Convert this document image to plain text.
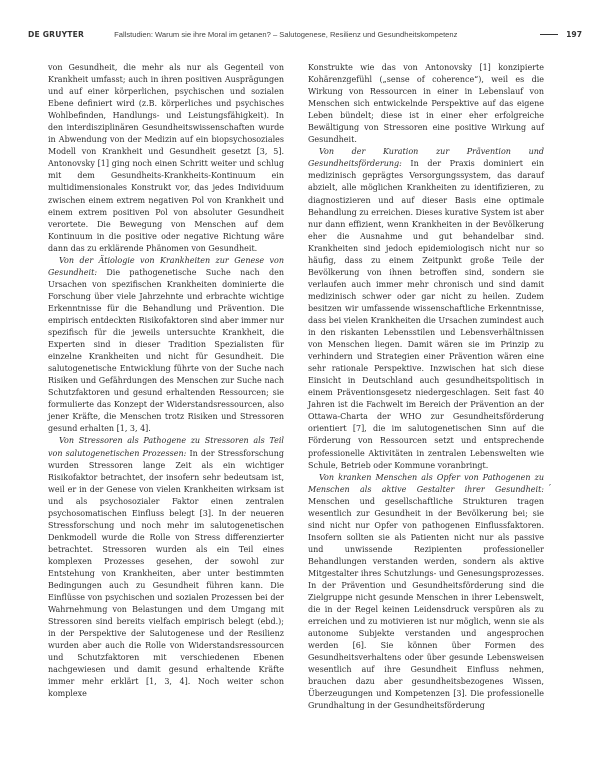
DE GRUYTER	Fallstudien: Warum sie ihre Moral im getanen? – Salutogenese, Resilienz und Gesundheitskompetenz	197

von Gesundheit, die mehr als nur als Gegenteil von Krankheit umfasst; auch in ihren positiven Ausprägungen und auf einer körperlichen, psychischen und sozialen Ebene definiert wird (z.B. körperliches und psychisches Wohlbefinden, Handlungs- und Leistungsfähigkeit). In den interdisziplinären Gesundheitswissenschaften wurde in Abwendung von der Medizin auf ein biopsychosoziales Modell von Krankheit und Gesundheit gesetzt [3, 5]. Antonovsky [1] ging noch einen Schritt weiter und schlug mit dem Gesundheits-Krankheits-Kontinuum ein multidimensionales Konstrukt vor, das jedes Individuum zwischen einem extrem negativen Pol von Krankheit und einem extrem positiven Pol von absoluter Gesundheit verortete. Die Bewegung von Menschen auf dem Kontinuum in die positive oder negative Richtung wäre dann das zu erklärende Phänomen von Gesundheit.

Von der Ätiologie von Krankheiten zur Genese von Gesundheit: Die pathogenetische Suche nach den Ursachen von spezifischen Krankheiten dominierte die Forschung über viele Jahrzehnte und erbrachte wichtige Erkenntnisse für die Behandlung und Prävention. Die empirisch entdeckten Risikofaktoren sind aber immer nur spezifisch für die jeweils untersuchte Krankheit, die Experten sind in dieser Tradition Spezialisten für einzelne Krankheiten und nicht für Gesundheit. Die salutogenetische Entwicklung führte von der Suche nach Risiken und Gefährdungen des Menschen zur Suche nach Schutzfaktoren und gesund erhaltenden Ressourcen; sie formulierte das Konzept der Widerstandsressourcen, also jener Kräfte, die Menschen trotz Risiken und Stressoren gesund erhalten [1, 3, 4].

Von Stressoren als Pathogene zu Stressoren als Teil von salutogenetischen Prozessen: In der Stressforschung wurden Stressoren lange Zeit als ein wichtiger Risikofaktor betrachtet, der insofern sehr bedeutsam ist, weil er in der Genese von vielen Krankheiten wirksam ist und als psychosozialer Faktor einen zentralen psychosomatischen Einfluss belegt [3]. In der neueren Stressforschung und noch mehr im salutogenetischen Denkmodell wurde die Rolle von Stress differenzierter betrachtet. Stressoren wurden als ein Teil eines komplexen Prozesses gesehen, der sowohl zur Entstehung von Krankheiten, aber unter bestimmten Bedingungen auch zu Gesundheit führen kann. Die Einflüsse von psychischen und sozialen Prozessen bei der Wahrnehmung von Belastungen und dem Umgang mit Stressoren sind bereits vielfach empirisch belegt (ebd.); in der Perspektive der Salutogenese und der Resilienz wurden aber auch die Rolle von Widerstandsressourcen und Schutzfaktoren mit verschiedenen Ebenen nachgewiesen und damit gesund erhaltende Kräfte immer mehr erklärt [1, 3, 4]. Noch weiter schon komplexe

Konstrukte wie das von Antonovsky [1] konzipierte Kohärenzgefühl („sense of coherence“), weil es die Wirkung von Ressourcen in einer in Lebenslauf von Menschen sich entwickelnde Perspektive auf das eigene Leben bündelt; diese ist in einer eher erfolgreiche Bewältigung von Stressoren eine positive Wirkung auf Gesundheit.

Von der Kuration zur Prävention und Gesundheitsförderung: In der Praxis dominiert ein medizinisch geprägtes Versorgungssystem, das darauf abzielt, alle möglichen Krankheiten zu identifizieren, zu diagnostizieren und auf dieser Basis eine optimale Behandlung zu erreichen. Dieses kurative System ist aber nur dann effizient, wenn Krankheiten in der Bevölkerung eher die Ausnahme und gut behandelbar sind. Krankheiten sind jedoch epidemiologisch nicht nur so häufig, dass zu einem Zeitpunkt große Teile der Bevölkerung von ihnen betroffen sind, sondern sie verlaufen auch immer mehr chronisch und sind damit medizinisch schwer oder gar nicht zu heilen. Zudem besitzen wir umfassende wissenschaftliche Erkenntnisse, dass bei vielen Krankheiten die Ursachen zumindest auch in den riskanten Lebensstilen und Lebensverhältnissen von Menschen liegen. Damit wären sie im Prinzip zu verhindern und Strategien einer Prävention wären eine sehr rationale Perspektive. Inzwischen hat sich diese Einsicht in Deutschland auch gesundheitspolitisch in einem Präventionsgesetz niedergeschlagen. Seit fast 40 Jahren ist die Fachwelt im Bereich der Prävention an der Ottawa-Charta der WHO zur Gesundheitsförderung orientiert [7], die im salutogenetischen Sinn auf die Förderung von Ressourcen setzt und entsprechende professionelle Aktivitäten in zentralen Lebenswelten wie Schule, Betrieb oder Kommune voranbringt.

Von kranken Menschen als Opfer von Pathogenen zu Menschen als aktive Gestalter ihrer Gesundheit: Menschen und gesellschaftliche Strukturen tragen wesentlich zur Gesundheit in der Bevölkerung bei; sie sind nicht nur Opfer von pathogenen Einflussfaktoren. Insofern sollten sie als Patienten nicht nur als passive und unwissende Rezipienten professioneller Behandlungen verstanden werden, sondern als aktive Mitgestalter ihres Schutzlungs- und Genesungsprozesses. In der Prävention und Gesundheitsförderung sind die Zielgruppe nicht gesunde Menschen in ihrer Lebenswelt, die in der Regel keinen Leidensdruck verspüren als zu erreichen und zu motivieren ist nur möglich, wenn sie als autonome Subjekte verstanden und angesprochen werden [6]. Sie können über Formen des Gesundheitsverhaltens oder über gesunde Lebensweisen wesentlich auf ihre Gesundheit Einfluss nehmen, brauchen dazu aber gesundheitsbezogenes Wissen, Überzeugungen und Kompetenzen [3]. Die professionelle Grundhaltung in der Gesundheitsförderung

′
